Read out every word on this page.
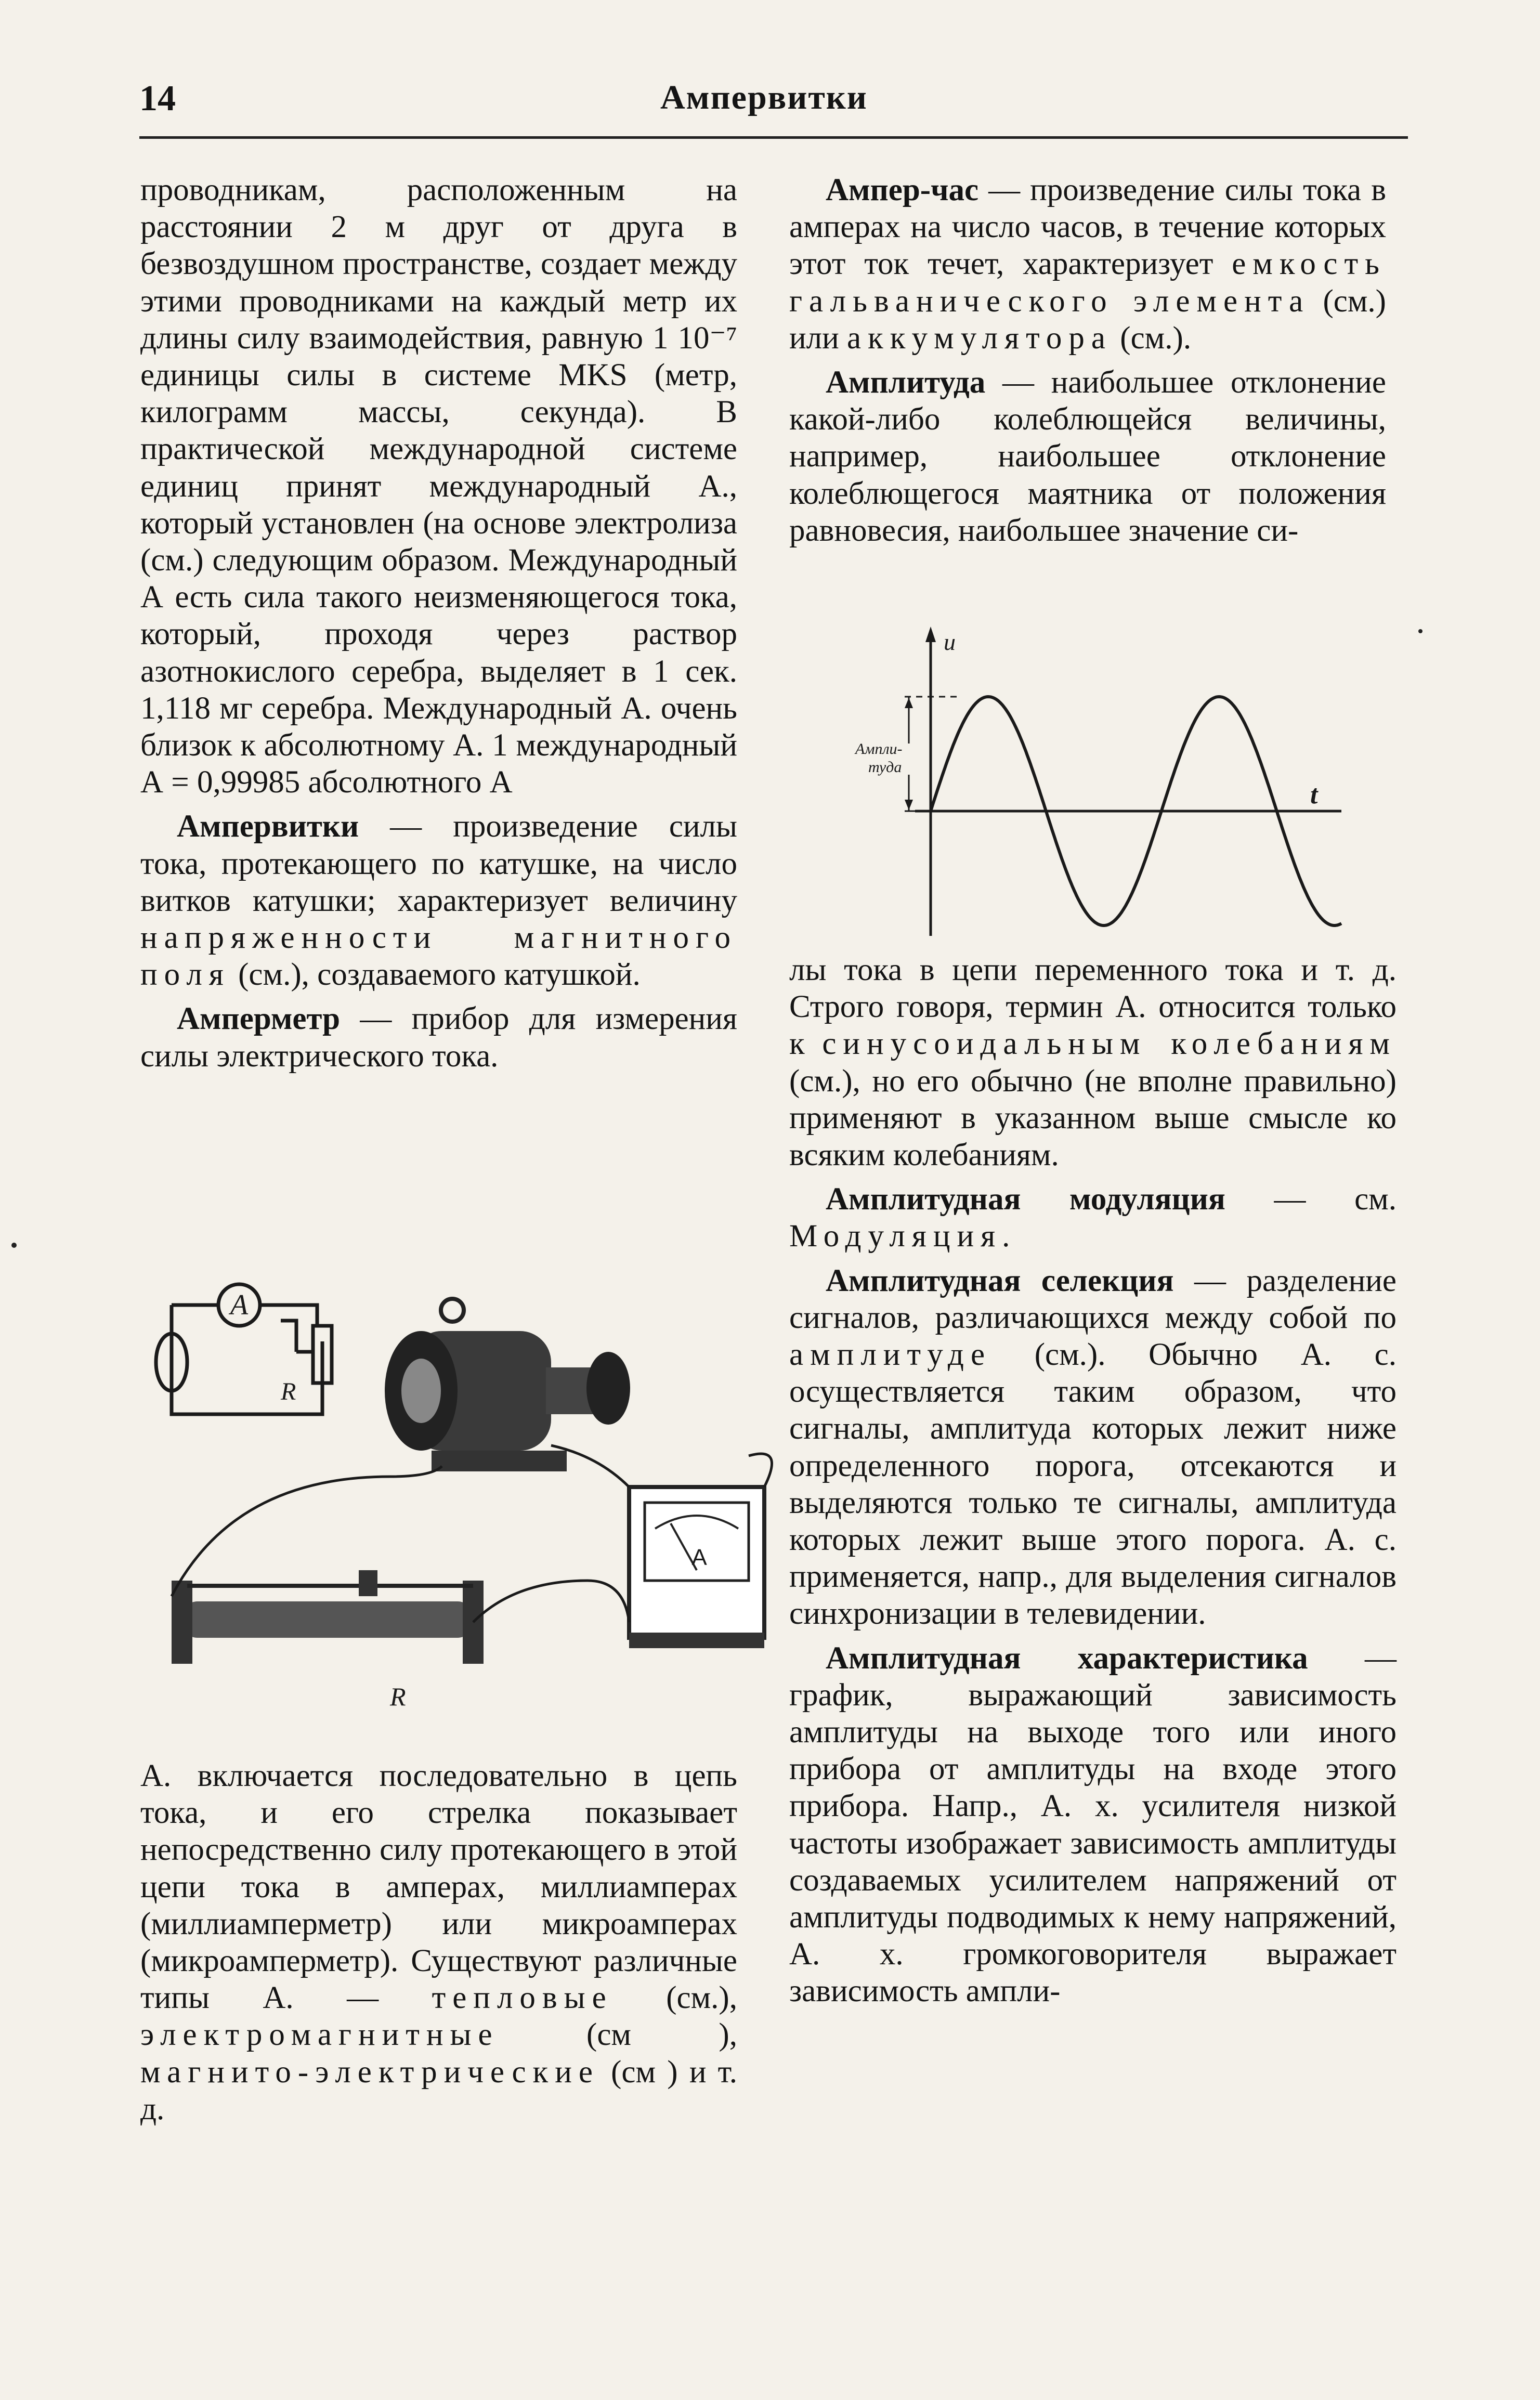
14	Ампервитки

проводникам, расположенным на расстоянии 2 м друг от друга в безвоздушном пространстве, создает между этими проводниками на каждый метр их длины силу взаимодействия, равную 1 10⁻⁷ единицы силы в системе MKS (метр, килограмм массы, секунда). В практической международной системе единиц принят международный А., который установлен (на основе электролиза (см.) следующим образом. Международный А есть сила такого неизменяющегося тока, который, проходя через раствор азотнокислого серебра, выделяет в 1 сек. 1,118 мг серебра. Международный А. очень близок к абсолютному А. 1 международный А = 0,99985 абсолютного А

Ампервитки — произведение силы тока, протекающего по катушке, на число витков катушки; характеризует величину напряженности магнитного поля (см.), создаваемого катушкой.

Амперметр — прибор для измерения силы электрического тока.

A
R
A
R

А. включается последовательно в цепь тока, и его стрелка показывает непосредственно силу протекающего в этой цепи тока в амперах, миллиамперах (миллиамперметр) или микроамперах (микроамперметр). Существуют различные типы А. — тепловые (см.), электромагнитные (см ), магнито-электрические (см ) и т. д.

Ампер-час — произведение силы тока в амперах на число часов, в течение которых этот ток течет, характеризует емкость гальванического элемента (см.) или аккумулятора (см.).

Амплитуда — наибольшее отклонение какой-либо колеблющейся величины, например, наибольшее отклонение колеблющегося маятника от положения равновесия, наибольшее значение си-

u
t
Ампли-
туда

лы тока в цепи переменного тока и т. д. Строго говоря, термин А. относится только к синусоидальным колебаниям (см.), но его обычно (не вполне правильно) применяют в указанном выше смысле ко всяким колебаниям.

Амплитудная модуляция — см. Модуляция.

Амплитудная селекция — разделение сигналов, различающихся между собой по амплитуде (см.). Обычно А. с. осуществляется таким образом, что сигналы, амплитуда которых лежит ниже определенного порога, отсекаются и выделяются только те сигналы, амплитуда которых лежит выше этого порога. А. с. применяется, напр., для выделения сигналов синхронизации в телевидении.

Амплитудная характеристика — график, выражающий зависимость амплитуды на выходе того или иного прибора от амплитуды на входе этого прибора. Напр., А. х. усилителя низкой частоты изображает зависимость амплитуды создаваемых усилителем напряжений от амплитуды подводимых к нему напряжений, А. х. громкоговорителя выражает зависимость ампли-
